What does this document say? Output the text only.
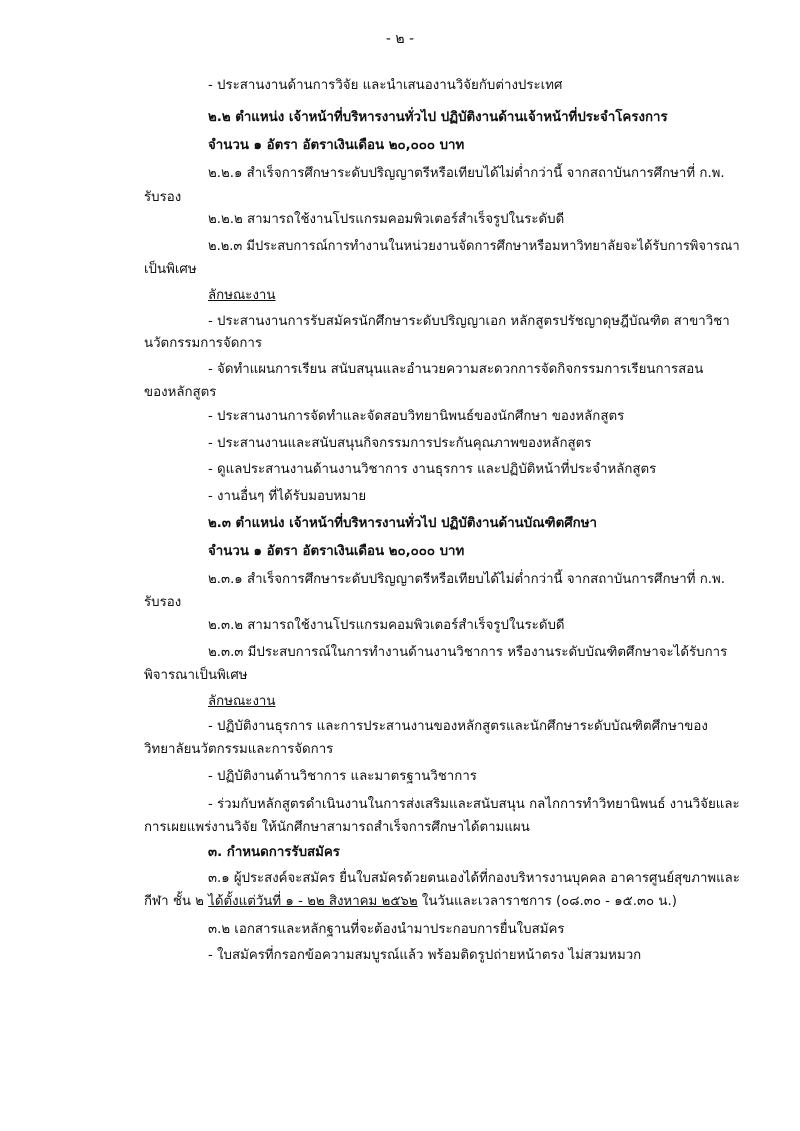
- ๒ -
- ประสานงานด้านการวิจัย และนำเสนองานวิจัยกับต่างประเทศ
๒.๒ ตำแหน่ง เจ้าหน้าที่บริหารงานทั่วไป ปฏิบัติงานด้านเจ้าหน้าที่ประจำโครงการ
จำนวน ๑ อัตรา อัตราเงินเดือน ๒๐,๐๐๐ บาท
๒.๒.๑ สำเร็จการศึกษาระดับปริญญาตรีหรือเทียบได้ไม่ต่ำกว่านี้ จากสถาบันการศึกษาที่ ก.พ.
รับรอง
๒.๒.๒ สามารถใช้งานโปรแกรมคอมพิวเตอร์สำเร็จรูปในระดับดี
๒.๒.๓ มีประสบการณ์การทำงานในหน่วยงานจัดการศึกษาหรือมหาวิทยาลัยจะได้รับการพิจารณา
เป็นพิเศษ
ลักษณะงาน
- ประสานงานการรับสมัครนักศึกษาระดับปริญญาเอก หลักสูตรปรัชญาดุษฎีบัณฑิต สาขาวิชา
นวัตกรรมการจัดการ
- จัดทำแผนการเรียน สนับสนุนและอำนวยความสะดวกการจัดกิจกรรมการเรียนการสอน
ของหลักสูตร
- ประสานงานการจัดทำและจัดสอบวิทยานิพนธ์ของนักศึกษา ของหลักสูตร
- ประสานงานและสนับสนุนกิจกรรมการประกันคุณภาพของหลักสูตร
- ดูแลประสานงานด้านงานวิชาการ งานธุรการ และปฏิบัติหน้าที่ประจำหลักสูตร
- งานอื่นๆ ที่ได้รับมอบหมาย
๒.๓ ตำแหน่ง เจ้าหน้าที่บริหารงานทั่วไป ปฏิบัติงานด้านบัณฑิตศึกษา
จำนวน ๑ อัตรา อัตราเงินเดือน ๒๐,๐๐๐ บาท
๒.๓.๑ สำเร็จการศึกษาระดับปริญญาตรีหรือเทียบได้ไม่ต่ำกว่านี้ จากสถาบันการศึกษาที่ ก.พ.
รับรอง
๒.๓.๒ สามารถใช้งานโปรแกรมคอมพิวเตอร์สำเร็จรูปในระดับดี
๒.๓.๓ มีประสบการณ์ในการทำงานด้านงานวิชาการ หรืองานระดับบัณฑิตศึกษาจะได้รับการ
พิจารณาเป็นพิเศษ
ลักษณะงาน
- ปฏิบัติงานธุรการ และการประสานงานของหลักสูตรและนักศึกษาระดับบัณฑิตศึกษาของ
วิทยาลัยนวัตกรรมและการจัดการ
- ปฏิบัติงานด้านวิชาการ และมาตรฐานวิชาการ
- ร่วมกับหลักสูตรดำเนินงานในการส่งเสริมและสนับสนุน กลไกการทำวิทยานิพนธ์ งานวิจัยและ
การเผยแพร่งานวิจัย ให้นักศึกษาสามารถสำเร็จการศึกษาได้ตามแผน
๓. กำหนดการรับสมัคร
๓.๑ ผู้ประสงค์จะสมัคร ยื่นใบสมัครด้วยตนเองได้ที่กองบริหารงานบุคคล อาคารศูนย์สุขภาพและ
กีฬา ชั้น ๒ ได้ตั้งแต่วันที่ ๑ - ๒๒ สิงหาคม ๒๕๖๒ ในวันและเวลาราชการ (๐๘.๓๐ - ๑๕.๓๐ น.)
๓.๒ เอกสารและหลักฐานที่จะต้องนำมาประกอบการยื่นใบสมัคร
- ใบสมัครที่กรอกข้อความสมบูรณ์แล้ว พร้อมติดรูปถ่ายหน้าตรง ไม่สวมหมวก
